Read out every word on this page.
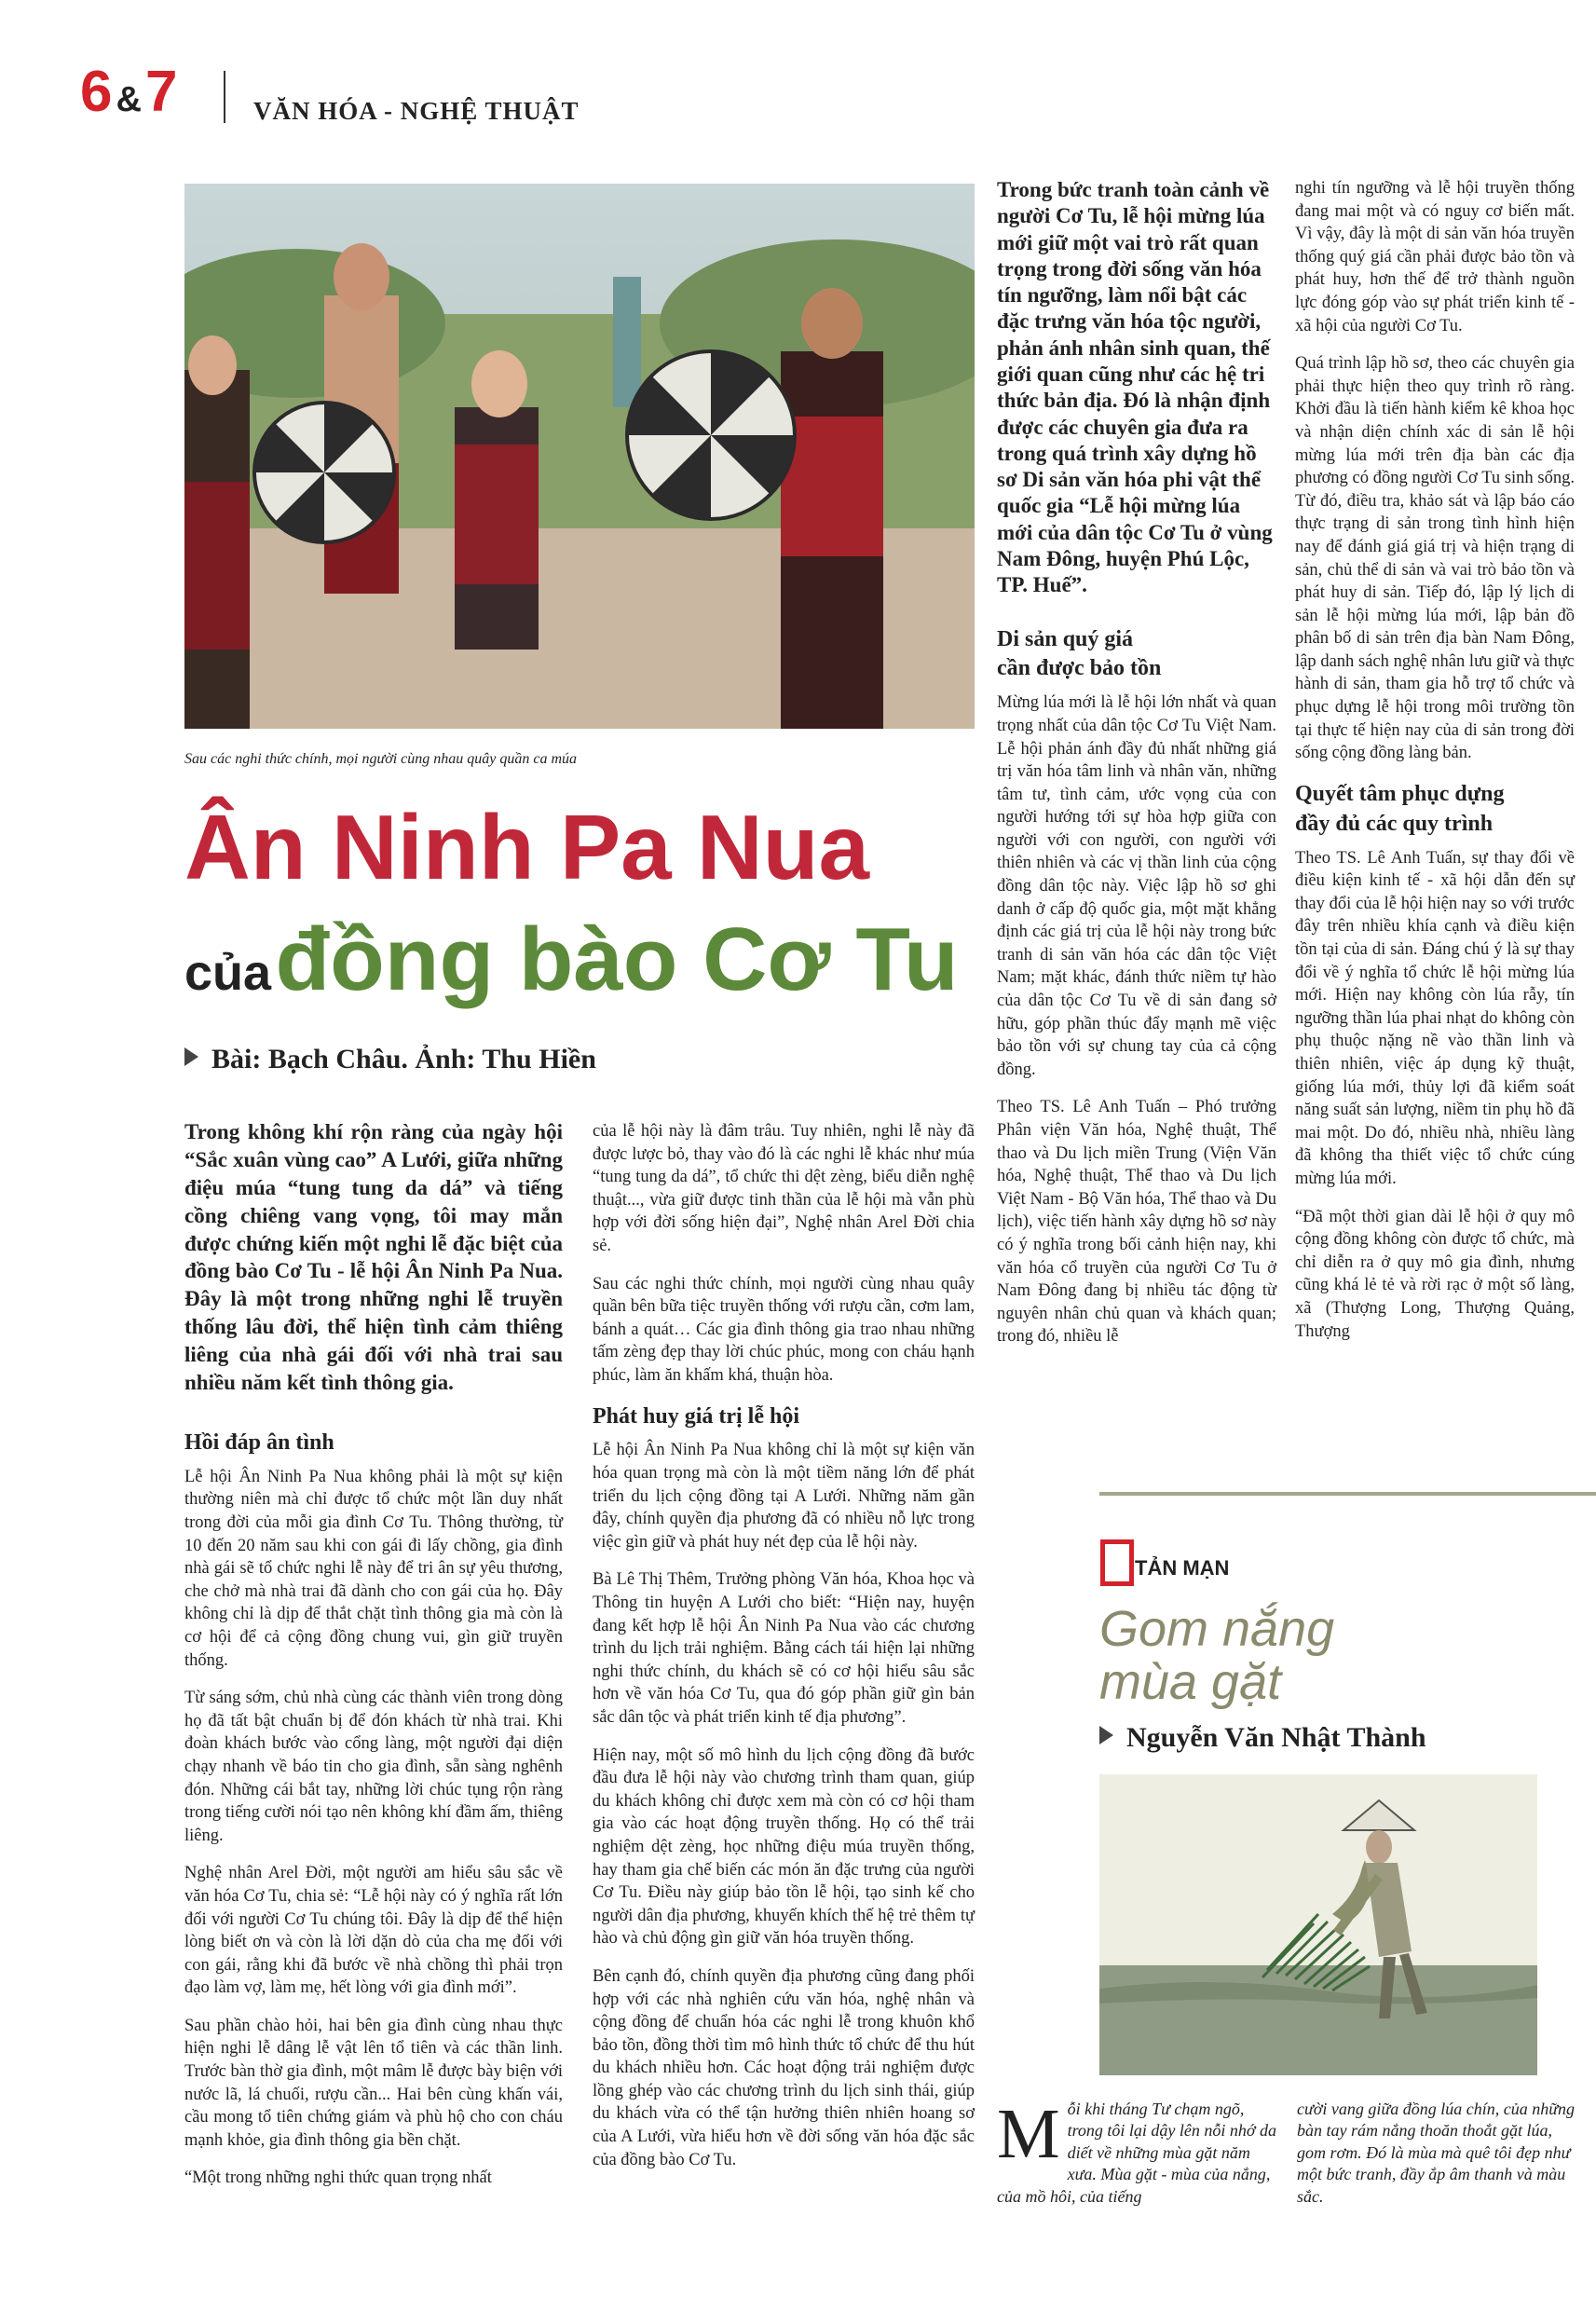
6 &7	VĂN HÓA - NGHỆ THUẬT
Sau các nghi thức chính, mọi người cùng nhau quây quần ca múa
Ân Ninh Pa Nua
của đồng bào Cơ Tu
Bài: Bạch Châu. Ảnh: Thu Hiền

Trong không khí rộn ràng của ngày hội “Sắc xuân vùng cao” A Lưới, giữa những điệu múa “tung tung da dá” và tiếng cồng chiêng vang vọng, tôi may mắn được chứng kiến một nghi lễ đặc biệt của đồng bào Cơ Tu - lễ hội Ân Ninh Pa Nua. Đây là một trong những nghi lễ truyền thống lâu đời, thể hiện tình cảm thiêng liêng của nhà gái đối với nhà trai sau nhiều năm kết tình thông gia.

Hồi đáp ân tình

Lễ hội Ân Ninh Pa Nua không phải là một sự kiện thường niên mà chỉ được tổ chức một lần duy nhất trong đời của mỗi gia đình Cơ Tu. Thông thường, từ 10 đến 20 năm sau khi con gái đi lấy chồng, gia đình nhà gái sẽ tổ chức nghi lễ này để tri ân sự yêu thương, che chở mà nhà trai đã dành cho con gái của họ. Đây không chỉ là dịp để thắt chặt tình thông gia mà còn là cơ hội để cả cộng đồng chung vui, gìn giữ truyền thống.

Từ sáng sớm, chủ nhà cùng các thành viên trong dòng họ đã tất bật chuẩn bị để đón khách từ nhà trai. Khi đoàn khách bước vào cổng làng, một người đại diện chạy nhanh về báo tin cho gia đình, sẵn sàng nghênh đón. Những cái bắt tay, những lời chúc tụng rộn ràng trong tiếng cười nói tạo nên không khí đầm ấm, thiêng liêng.

Nghệ nhân Arel Đời, một người am hiểu sâu sắc về văn hóa Cơ Tu, chia sẻ: “Lễ hội này có ý nghĩa rất lớn đối với người Cơ Tu chúng tôi. Đây là dịp để thể hiện lòng biết ơn và còn là lời dặn dò của cha mẹ đối với con gái, rằng khi đã bước về nhà chồng thì phải trọn đạo làm vợ, làm mẹ, hết lòng với gia đình mới”.

Sau phần chào hỏi, hai bên gia đình cùng nhau thực hiện nghi lễ dâng lễ vật lên tổ tiên và các thần linh. Trước bàn thờ gia đình, một mâm lễ được bày biện với nước lã, lá chuối, rượu cần... Hai bên cùng khấn vái, cầu mong tổ tiên chứng giám và phù hộ cho con cháu mạnh khỏe, gia đình thông gia bền chặt.

“Một trong những nghi thức quan trọng nhất

của lễ hội này là đâm trâu. Tuy nhiên, nghi lễ này đã được lược bỏ, thay vào đó là các nghi lễ khác như múa “tung tung da dá”, tổ chức thi dệt zèng, biểu diễn nghệ thuật..., vừa giữ được tinh thần của lễ hội mà vẫn phù hợp với đời sống hiện đại”, Nghệ nhân Arel Đời chia sẻ.

Sau các nghi thức chính, mọi người cùng nhau quây quần bên bữa tiệc truyền thống với rượu cần, cơm lam, bánh a quát… Các gia đình thông gia trao nhau những tấm zèng đẹp thay lời chúc phúc, mong con cháu hạnh phúc, làm ăn khấm khá, thuận hòa.

Phát huy giá trị lễ hội

Lễ hội Ân Ninh Pa Nua không chỉ là một sự kiện văn hóa quan trọng mà còn là một tiềm năng lớn để phát triển du lịch cộng đồng tại A Lưới. Những năm gần đây, chính quyền địa phương đã có nhiều nỗ lực trong việc gìn giữ và phát huy nét đẹp của lễ hội này.

Bà Lê Thị Thêm, Trưởng phòng Văn hóa, Khoa học và Thông tin huyện A Lưới cho biết: “Hiện nay, huyện đang kết hợp lễ hội Ân Ninh Pa Nua vào các chương trình du lịch trải nghiệm. Bằng cách tái hiện lại những nghi thức chính, du khách sẽ có cơ hội hiểu sâu sắc hơn về văn hóa Cơ Tu, qua đó góp phần giữ gìn bản sắc dân tộc và phát triển kinh tế địa phương”.

Hiện nay, một số mô hình du lịch cộng đồng đã bước đầu đưa lễ hội này vào chương trình tham quan, giúp du khách không chỉ được xem mà còn có cơ hội tham gia vào các hoạt động truyền thống. Họ có thể trải nghiệm dệt zèng, học những điệu múa truyền thống, hay tham gia chế biến các món ăn đặc trưng của người Cơ Tu. Điều này giúp bảo tồn lễ hội, tạo sinh kế cho người dân địa phương, khuyến khích thế hệ trẻ thêm tự hào và chủ động gìn giữ văn hóa truyền thống.

Bên cạnh đó, chính quyền địa phương cũng đang phối hợp với các nhà nghiên cứu văn hóa, nghệ nhân và cộng đồng để chuẩn hóa các nghi lễ trong khuôn khổ bảo tồn, đồng thời tìm mô hình thức tổ chức để thu hút du khách nhiều hơn. Các hoạt động trải nghiệm được lồng ghép vào các chương trình du lịch sinh thái, giúp du khách vừa có thể tận hưởng thiên nhiên hoang sơ của A Lưới, vừa hiểu hơn về đời sống văn hóa đặc sắc của đồng bào Cơ Tu.

Trong bức tranh toàn cảnh về người Cơ Tu, lễ hội mừng lúa mới giữ một vai trò rất quan trọng trong đời sống văn hóa tín ngưỡng, làm nổi bật các đặc trưng văn hóa tộc người, phản ánh nhân sinh quan, thế giới quan cũng như các hệ tri thức bản địa. Đó là nhận định được các chuyên gia đưa ra trong quá trình xây dựng hồ sơ Di sản văn hóa phi vật thể quốc gia “Lễ hội mừng lúa mới của dân tộc Cơ Tu ở vùng Nam Đông, huyện Phú Lộc, TP. Huế”.

Di sản quý giá
cần được bảo tồn

Mừng lúa mới là lễ hội lớn nhất và quan trọng nhất của dân tộc Cơ Tu Việt Nam. Lễ hội phản ánh đầy đủ nhất những giá trị văn hóa tâm linh và nhân văn, những tâm tư, tình cảm, ước vọng của con người hướng tới sự hòa hợp giữa con người với con người, con người với thiên nhiên và các vị thần linh của cộng đồng dân tộc này. Việc lập hồ sơ ghi danh ở cấp độ quốc gia, một mặt khẳng định các giá trị của lễ hội này trong bức tranh di sản văn hóa các dân tộc Việt Nam; mặt khác, đánh thức niềm tự hào của dân tộc Cơ Tu về di sản đang sở hữu, góp phần thúc đẩy mạnh mẽ việc bảo tồn với sự chung tay của cả cộng đồng.

Theo TS. Lê Anh Tuấn – Phó trưởng Phân viện Văn hóa, Nghệ thuật, Thể thao và Du lịch miền Trung (Viện Văn hóa, Nghệ thuật, Thể thao và Du lịch Việt Nam - Bộ Văn hóa, Thể thao và Du lịch), việc tiến hành xây dựng hồ sơ này có ý nghĩa trong bối cảnh hiện nay, khi văn hóa cổ truyền của người Cơ Tu ở Nam Đông đang bị nhiều tác động từ nguyên nhân chủ quan và khách quan; trong đó, nhiều lễ

nghi tín ngưỡng và lễ hội truyền thống đang mai một và có nguy cơ biến mất. Vì vậy, đây là một di sản văn hóa truyền thống quý giá cần phải được bảo tồn và phát huy, hơn thế để trở thành nguồn lực đóng góp vào sự phát triển kinh tế - xã hội của người Cơ Tu.

Quá trình lập hồ sơ, theo các chuyên gia phải thực hiện theo quy trình rõ ràng. Khởi đầu là tiến hành kiểm kê khoa học và nhận diện chính xác di sản lễ hội mừng lúa mới trên địa bàn các địa phương có đồng người Cơ Tu sinh sống. Từ đó, điều tra, khảo sát và lập báo cáo thực trạng di sản trong tình hình hiện nay để đánh giá giá trị và hiện trạng di sản, chủ thể di sản và vai trò bảo tồn và phát huy di sản. Tiếp đó, lập lý lịch di sản lễ hội mừng lúa mới, lập bản đồ phân bố di sản trên địa bàn Nam Đông, lập danh sách nghệ nhân lưu giữ và thực hành di sản, tham gia hỗ trợ tổ chức và phục dựng lễ hội trong môi trường tồn tại thực tế hiện nay của di sản trong đời sống cộng đồng làng bản.

Quyết tâm phục dựng
đầy đủ các quy trình

Theo TS. Lê Anh Tuấn, sự thay đổi về điều kiện kinh tế - xã hội dẫn đến sự thay đổi của lễ hội hiện nay so với trước đây trên nhiều khía cạnh và điều kiện tồn tại của di sản. Đáng chú ý là sự thay đổi về ý nghĩa tổ chức lễ hội mừng lúa mới. Hiện nay không còn lúa rẫy, tín ngưỡng thần lúa phai nhạt do không còn phụ thuộc nặng nề vào thần linh và thiên nhiên, việc áp dụng kỹ thuật, giống lúa mới, thủy lợi đã kiểm soát năng suất sản lượng, niềm tin phụ hồ đã mai một. Do đó, nhiều nhà, nhiều làng đã không tha thiết việc tổ chức cúng mừng lúa mới.

“Đã một thời gian dài lễ hội ở quy mô cộng đồng không còn được tổ chức, mà chỉ diễn ra ở quy mô gia đình, nhưng cũng khá lẻ tẻ và rời rạc ở một số làng, xã (Thượng Long, Thượng Quảng, Thượng

TẢN MẠN
Gom nắng
mùa gặt
Nguyễn Văn Nhật Thành
Mỗi khi tháng Tư chạm ngõ, trong tôi lại dậy lên nỗi nhớ da diết về những mùa gặt năm xưa. Mùa gặt - mùa của nắng, của mồ hôi, của tiếng
cười vang giữa đồng lúa chín, của những bàn tay rám nắng thoăn thoắt gặt lúa, gom rơm. Đó là mùa mà quê tôi đẹp như một bức tranh, đầy ắp âm thanh và màu sắc.
